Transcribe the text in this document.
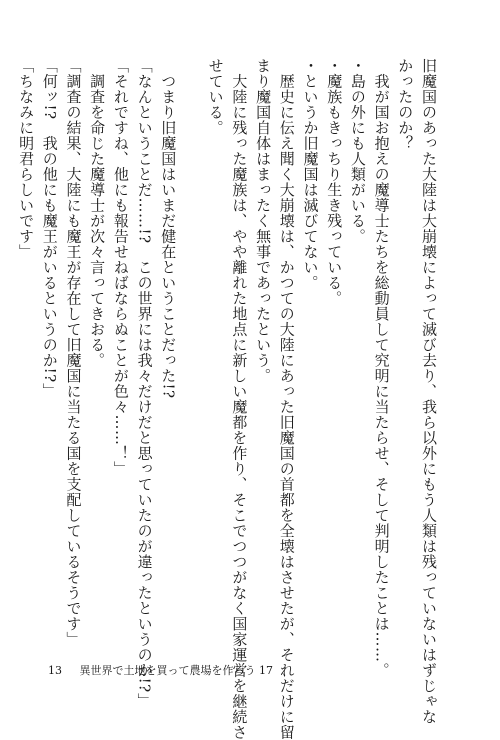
旧魔国のあった大陸は大崩壊によって滅び去り、我ら以外にもう人類は残っていないはずじゃな
かったのか？
　我が国お抱えの魔導士たちを総動員して究明に当たらせ、そして判明したことは……。
・島の外にも人類がいる。
・魔族もきっちり生き残っている。
・というか旧魔国は滅びてない。
　歴史に伝え聞く大崩壊は、かつての大陸にあった旧魔国の首都を全壊はさせたが、それだけに留
まり魔国自体はまったく無事であったという。
　大陸に残った魔族は、やや離れた地点に新しい魔都を作り、そこでつつがなく国家運営を継続さ
せている。
　つまり旧魔国はいまだ健在ということだった!?
「なんということだ……!?　この世界には我々だけだと思っていたのが違ったというのか!?」
「それですね、他にも報告せねばならぬことが色々……！」
　調査を命じた魔導士が次々言ってきおる。
「調査の結果、大陸にも魔王が存在して旧魔国に当たる国を支配しているそうです」
「何ッ!?　我の他にも魔王がいるというのか!?」
「ちなみに明君らしいです」
13 異世界で土地を買って農場を作ろう 17
